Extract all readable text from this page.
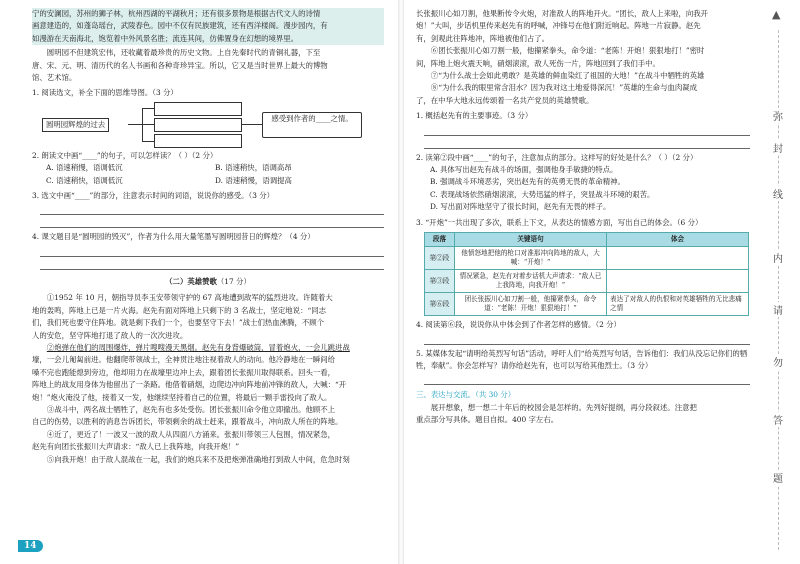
宁的安澜园，苏州的狮子林，杭州西湖的平湖秋月；还有很多景物是根据古代文人的诗情

画意建造的，如蓬岛瑶台，武陵春色。园中不仅有民族建筑，还有西洋楼阁。漫步园内，有

如漫游在天南海北，饱览着中外风景名胜；流连其间，仿佛置身在幻想的境界里。

圆明园不但建筑宏伟，还收藏着最珍贵的历史文物。上自先秦时代的青铜礼器，下至

唐、宋、元、明、清历代的名人书画和各种奇珍异宝。所以，它又是当时世界上最大的博物

馆、艺术馆。

1. 阅读选文，补全下面的思维导图。（3 分）

圆明园辉煌的过去
感受到作者的____之情。

2. 朗读文中画“____”的句子，可以怎样读？（ ）（2 分）

A. 语速稍慢，语调低沉	B. 语速稍快，语调高昂
C. 语速稍快，语调低沉	D. 语速稍慢，语调提高

3. 选文中画“____”的部分，注意表示时间的词语，说说你的感受。（3 分）

4. 课文题目是“圆明园的毁灭”，作者为什么用大量笔墨写圆明园昔日的辉煌？（4 分）

（二）英雄赞歌（17 分）

①1952 年 10 月，朝指导员李玉安带领守护的 67 高地遭到敌军的猛烈进攻。许随着大

地的轰鸣，阵地上已是一片火海。赵先有面对阵地上只剩下的 3 名战士，坚定地说：“同志

们，我们死也要守住阵地。就是剩下我们一个，也要坚守下去！”战士们热血沸腾，不顾个

人的安危，坚守阵地打退了敌人的一次次进攻。

②炮弹在他们的周围爆炸，弹片嗖嗖漫天黑烟。赵先有身背爆破筒，冒着炮火，一会儿跳进战

壕，一会儿匍匐前进。他翻爬带领战士，全神贯注地注视着敌人的动向。他冷静地在一瞬间给

嗓不完也跑能熄到旁边，他却用力在战壕里边冲上去，跟着团长张振川取得联系。回头一看，

阵地上的战友用身体为他留出了一条路。他借着硝烟，边爬边冲向阵地前冲锋的敌人，大喊：“开

炮！”炮火淹没了他，接着又一发，他继续坚持着自己的位置，将最后一颗手雷投向了敌人。

③战斗中，两名战士牺牲了，赵先有也多处受伤。团长张振川命令他立即撤出。他顾不上

自己的伤势，以胜利的消息告诉团长，带领剩余的战士赶来，跟着战斗，冲向敌人所在的阵地。

④近了，更近了！一波又一波的敌人从四面八方涌来。张振川带领三人包围，情况紧急，

赵先有向团长张振川大声请求：“敌人已上我阵地，向我开炮！”

⑤向我开炮！由于敌人混战在一起，我们的炮兵来不及把炮弹准确地打到敌人中间，危急时刻

14

长张振川心如刀割，他果断传令火炮，对准敌人的阵地开火。“团长，敌人上来啦，向我开

炮！”大叫，步话机里传来赵先有的呼喊，冲锋号在他们附近响起。阵地一片寂静。赵先

有，剑观此往阵地冲，阵地被他们占了。

⑥团长张振川心如刀割一般，他攥紧拳头，命令道：“老陈！开炮！狠狠地打！”密时

间，阵地上炮火震天响，硝烟滚滚，敌人死伤一片，阵地回到了我们手中。

⑦“为什么战士会如此勇敢？是英雄的鲜血染红了祖国的大地！”在战斗中牺牲的英雄

⑧“为什么我的眼里常含泪水？因为我对这土地爱得深沉！”英雄的生命与血肉凝成

了，在中华大地永远传颂着一名共产党员的英雄赞歌。

1. 概括赵先有的主要事迹。（3 分）

2. 读第②段中画“____”的句子，注意加点的部分。这样写的好处是什么？（ ）（2 分）

A. 具体写出赵先有战斗的场面，强调他身手敏捷的特点。

B. 强调战斗环境恶劣，突出赵先有的英勇无畏的革命精神。

C. 表现战场依然硝烟滚滚，大势迅猛的样子，突显战斗环境的艰苦。

D. 写出面对阵地坚守了很长时间，赵先有无畏的样子。

3. “开炮”一共出现了多次，联系上下文，从表达的情感方面，写出自己的体会。（6 分）

段落	关键语句	体会
第②段	他愤怒地把他的枪口对准那冲向阵地的敌人，大喊：“开炮！”	
第③段	情况紧急，赵先有对着步话机大声请求：“敌人已上我阵地，向我开炮！”	
第⑥段	团长张振川心如刀割一般，他攥紧拳头，命令道：“老陈！开炮！狠狠地打！”	表达了对敌人的仇恨和对英雄牺牲的无比悲痛之情

4. 阅读第⑥段，说说你从中体会到了作者怎样的感情。（2 分）

5. 某媒体发起“请明给英烈写句话”活动，呼吁人们“给英烈写句话，告诉他们：我们从没忘记你们的牺牲，奉献”。你会怎样写？请你给赵先有，也可以写给其他烈士。（3 分）

三、表达与交流。（共 30 分）

展开想象，想一想二十年后的校园会是怎样的。先列好提纲，再分段叙述。注意把

重点部分写具体。题目自拟。400 字左右。

▲
弥
封
线
内
请
勿
答
题
